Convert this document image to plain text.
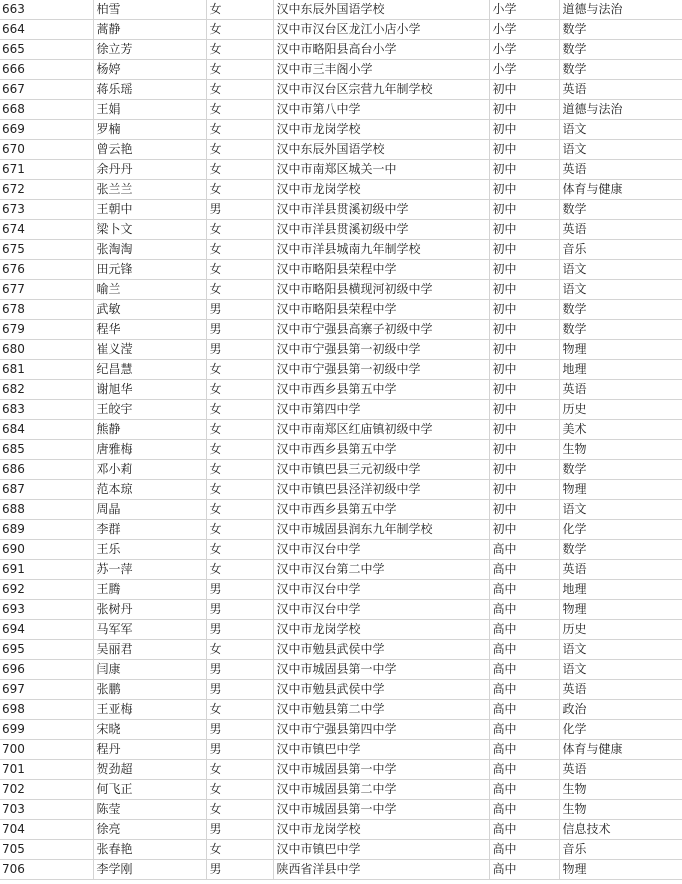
663	柏雪	女	汉中东辰外国语学校	小学	道德与法治
664	蒿静	女	汉中市汉台区龙江小店小学	小学	数学
665	徐立芳	女	汉中市略阳县高台小学	小学	数学
666	杨婷	女	汉中市三丰阁小学	小学	数学
667	蒋乐瑶	女	汉中市汉台区宗营九年制学校	初中	英语
668	王娟	女	汉中市第八中学	初中	道德与法治
669	罗楠	女	汉中市龙岗学校	初中	语文
670	曾云艳	女	汉中东辰外国语学校	初中	语文
671	余丹丹	女	汉中市南郑区城关一中	初中	英语
672	张兰兰	女	汉中市龙岗学校	初中	体育与健康
673	王朝中	男	汉中市洋县贯溪初级中学	初中	数学
674	梁卜文	女	汉中市洋县贯溪初级中学	初中	英语
675	张淘淘	女	汉中市洋县城南九年制学校	初中	音乐
676	田元锋	女	汉中市略阳县荣程中学	初中	语文
677	喻兰	女	汉中市略阳县横现河初级中学	初中	语文
678	武敏	男	汉中市略阳县荣程中学	初中	数学
679	程华	男	汉中市宁强县高寨子初级中学	初中	数学
680	崔义滢	男	汉中市宁强县第一初级中学	初中	物理
681	纪昌慧	女	汉中市宁强县第一初级中学	初中	地理
682	谢旭华	女	汉中市西乡县第五中学	初中	英语
683	王皎宇	女	汉中市第四中学	初中	历史
684	熊静	女	汉中市南郑区红庙镇初级中学	初中	美术
685	唐雅梅	女	汉中市西乡县第五中学	初中	生物
686	邓小莉	女	汉中市镇巴县三元初级中学	初中	数学
687	范本琼	女	汉中市镇巴县泾洋初级中学	初中	物理
688	周晶	女	汉中市西乡县第五中学	初中	语文
689	李群	女	汉中市城固县润东九年制学校	初中	化学
690	王乐	女	汉中市汉台中学	高中	数学
691	苏一萍	女	汉中市汉台第二中学	高中	英语
692	王腾	男	汉中市汉台中学	高中	地理
693	张树丹	男	汉中市汉台中学	高中	物理
694	马军军	男	汉中市龙岗学校	高中	历史
695	吴丽君	女	汉中市勉县武侯中学	高中	语文
696	闫康	男	汉中市城固县第一中学	高中	语文
697	张鹏	男	汉中市勉县武侯中学	高中	英语
698	王亚梅	女	汉中市勉县第二中学	高中	政治
699	宋晓	男	汉中市宁强县第四中学	高中	化学
700	程丹	男	汉中市镇巴中学	高中	体育与健康
701	贺劲超	女	汉中市城固县第一中学	高中	英语
702	何飞正	女	汉中市城固县第二中学	高中	生物
703	陈莹	女	汉中市城固县第一中学	高中	生物
704	徐亮	男	汉中市龙岗学校	高中	信息技术
705	张春艳	女	汉中市镇巴中学	高中	音乐
706	李学刚	男	陕西省洋县中学	高中	物理
